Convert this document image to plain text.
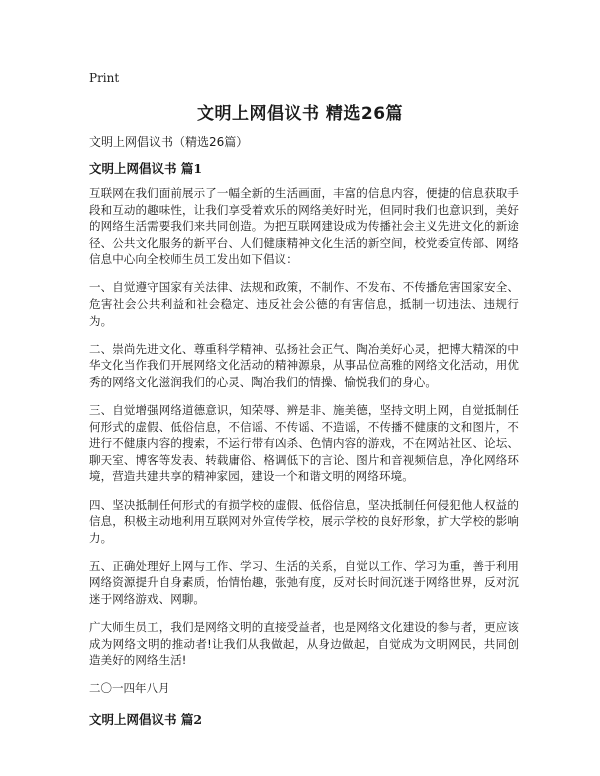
Print
文明上网倡议书 精选26篇

文明上网倡议书（精选26篇）

文明上网倡议书 篇1

互联网在我们面前展示了一幅全新的生活画面，丰富的信息内容，便捷的信息获取手段和互动的趣味性，让我们享受着欢乐的网络美好时光，但同时我们也意识到，美好的网络生活需要我们来共同创造。为把互联网建设成为传播社会主义先进文化的新途径、公共文化服务的新平台、人们健康精神文化生活的新空间，校党委宣传部、网络信息中心向全校师生员工发出如下倡议：

一、自觉遵守国家有关法律、法规和政策，不制作、不发布、不传播危害国家安全、危害社会公共利益和社会稳定、违反社会公德的有害信息，抵制一切违法、违规行为。

二、崇尚先进文化、尊重科学精神、弘扬社会正气、陶冶美好心灵，把博大精深的中华文化当作我们开展网络文化活动的精神源泉，从事品位高雅的网络文化活动，用优秀的网络文化滋润我们的心灵、陶冶我们的情操、愉悦我们的身心。

三、自觉增强网络道德意识，知荣辱、辨是非、施美德，坚持文明上网，自觉抵制任何形式的虚假、低俗信息，不信谣、不传谣、不造谣，不传播不健康的文和图片，不进行不健康内容的搜索，不运行带有凶杀、色情内容的游戏，不在网站社区、论坛、聊天室、博客等发表、转载庸俗、格调低下的言论、图片和音视频信息，净化网络环境，营造共建共享的精神家园，建设一个和谐文明的网络环境。

四、坚决抵制任何形式的有损学校的虚假、低俗信息，坚决抵制任何侵犯他人权益的信息，积极主动地利用互联网对外宣传学校，展示学校的良好形象，扩大学校的影响力。

五、正确处理好上网与工作、学习、生活的关系，自觉以工作、学习为重，善于利用网络资源提升自身素质，怡情怡趣，张弛有度，反对长时间沉迷于网络世界，反对沉迷于网络游戏、网聊。

广大师生员工，我们是网络文明的直接受益者，也是网络文化建设的参与者，更应该成为网络文明的推动者!让我们从我做起，从身边做起，自觉成为文明网民，共同创造美好的网络生活!

二〇一四年八月

文明上网倡议书 篇2
